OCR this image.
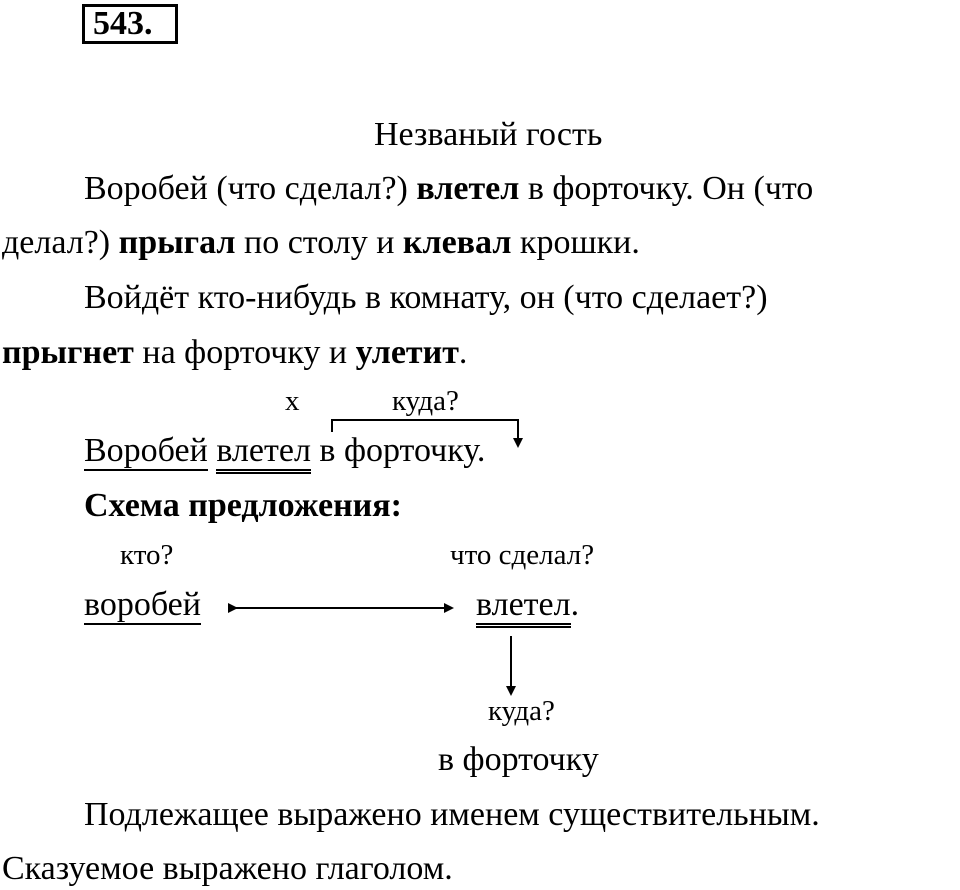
543.
Незваный гость
Воробей (что сделал?) влетел в форточку. Он (что
делал?) прыгал по столу и клевал крошки.
Войдёт кто-нибудь в комнату, он (что сделает?)
прыгнет на форточку и улетит.
х	куда?
Воробей влетел в форточку.
Схема предложения:
кто?	что сделал?
воробей	влетел.
куда?
в форточку
Подлежащее выражено именем существительным.
Сказуемое выражено глаголом.
